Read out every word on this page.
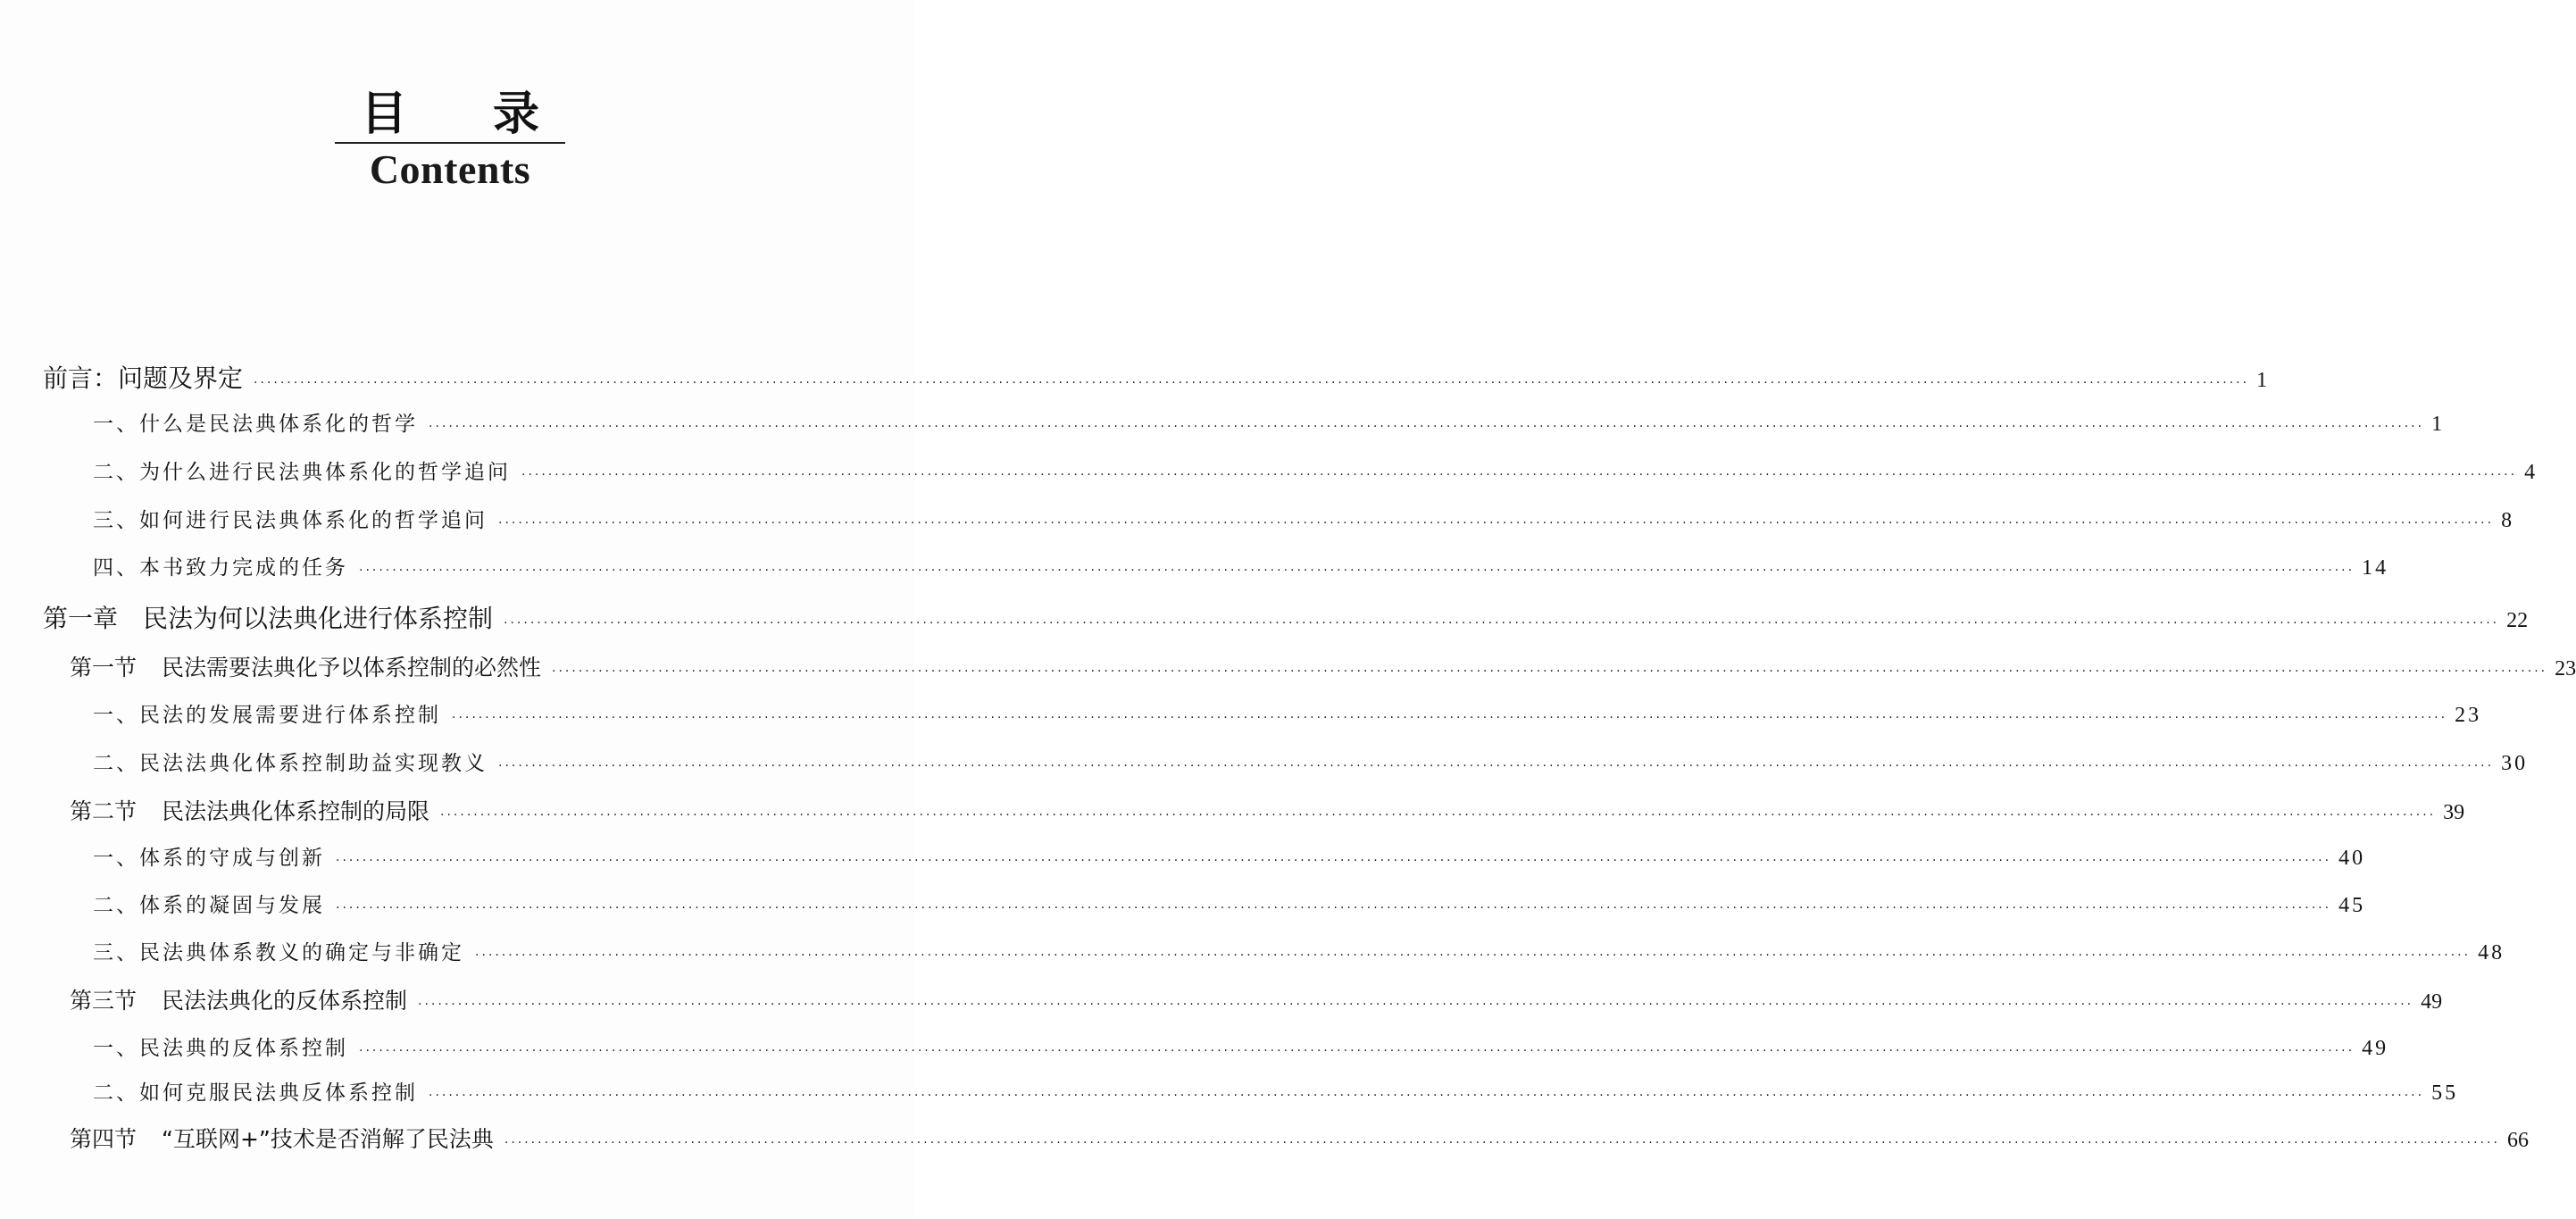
目录
Contents
前言：问题及界定 ············································································································································································································································································································ 1
一、什么是民法典体系化的哲学 ············································································································································································································································································································ 1
二、为什么进行民法典体系化的哲学追问 ············································································································································································································································································································ 4
三、如何进行民法典体系化的哲学追问 ············································································································································································································································································································ 8
四、本书致力完成的任务 ············································································································································································································································································································ 14
第一章 民法为何以法典化进行体系控制 ············································································································································································································································································································ 22
第一节 民法需要法典化予以体系控制的必然性 ············································································································································································································································································································ 23
一、民法的发展需要进行体系控制 ············································································································································································································································································································ 23
二、民法法典化体系控制助益实现教义 ············································································································································································································································································································ 30
第二节 民法法典化体系控制的局限 ············································································································································································································································································································ 39
一、体系的守成与创新 ············································································································································································································································································································ 40
二、体系的凝固与发展 ············································································································································································································································································································ 45
三、民法典体系教义的确定与非确定 ············································································································································································································································································································ 48
第三节 民法法典化的反体系控制 ············································································································································································································································································································ 49
一、民法典的反体系控制 ············································································································································································································································································································ 49
二、如何克服民法典反体系控制 ············································································································································································································································································································ 55
第四节 “互联网+”技术是否消解了民法典 ············································································································································································································································································································ 66
